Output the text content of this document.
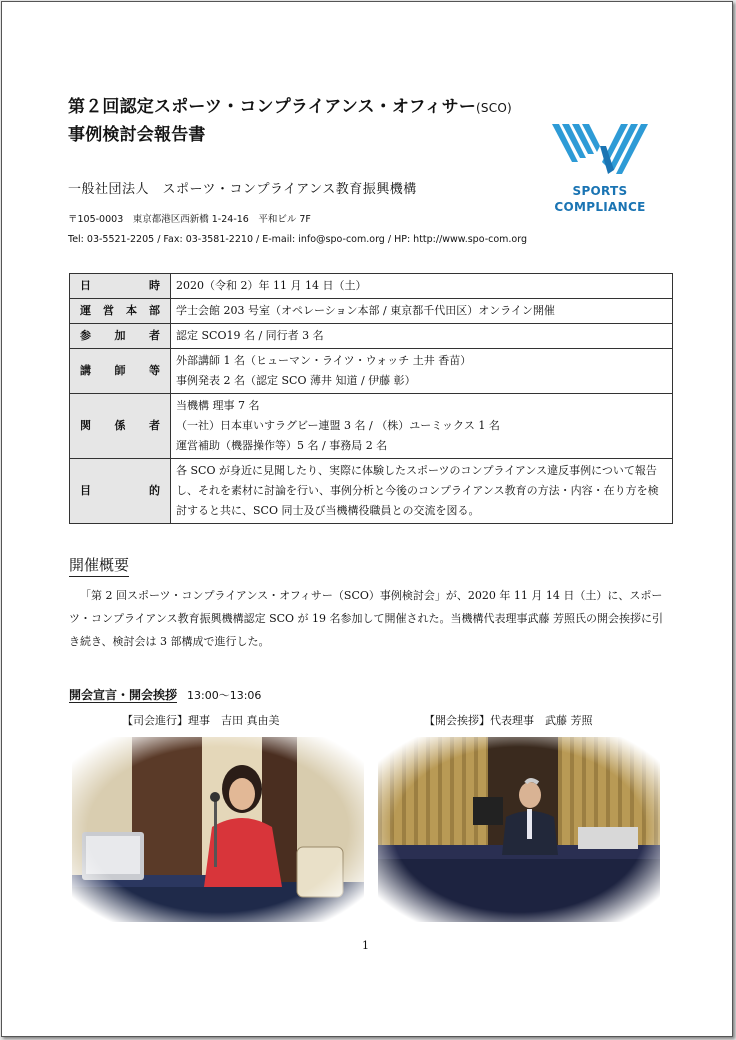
第２回認定スポーツ・コンプライアンス・オフィサー(SCO)
事例検討会報告書
SPORTS
COMPLIANCE
一般社団法人　スポーツ・コンプライアンス教育振興機構
〒105-0003　東京都港区西新橋 1-24-16　平和ビル 7F
Tel: 03-5521-2205 / Fax: 03-3581-2210 / E-mail: info@spo-com.org / HP: http://www.spo-com.org
日時	2020（令和 2）年 11 月 14 日（土）
運営本部	学士会館 203 号室（オペレーション本部 / 東京都千代田区）オンライン開催
参加者	認定 SCO19 名 / 同行者 3 名
講師等	外部講師 1 名（ヒューマン・ライツ・ウォッチ 土井 香苗）
事例発表 2 名（認定 SCO 薄井 知道 / 伊藤 彰）

関係者	当機構 理事 7 名
（一社）日本車いすラグビー連盟 3 名 / （株）ユーミックス 1 名
運営補助（機器操作等）5 名 / 事務局 2 名

目的	各 SCO が身近に見聞したり、実際に体験したスポーツのコンプライアンス違反事例について報告し、それを素材に討論を行い、事例分析と今後のコンプライアンス教育の方法・内容・在り方を検討すると共に、SCO 同士及び当機構役職員との交流を図る。
開催概要
「第 2 回スポーツ・コンプライアンス・オフィサー（SCO）事例検討会」が、2020 年 11 月 14 日（土）に、スポーツ・コンプライアンス教育振興機構認定 SCO が 19 名参加して開催された。当機構代表理事武藤 芳照氏の開会挨拶に引き続き、検討会は 3 部構成で進行した。
開会宣言・開会挨拶 13:00～13:06
【司会進行】理事　吉田 真由美	【開会挨拶】代表理事　武藤 芳照
1
